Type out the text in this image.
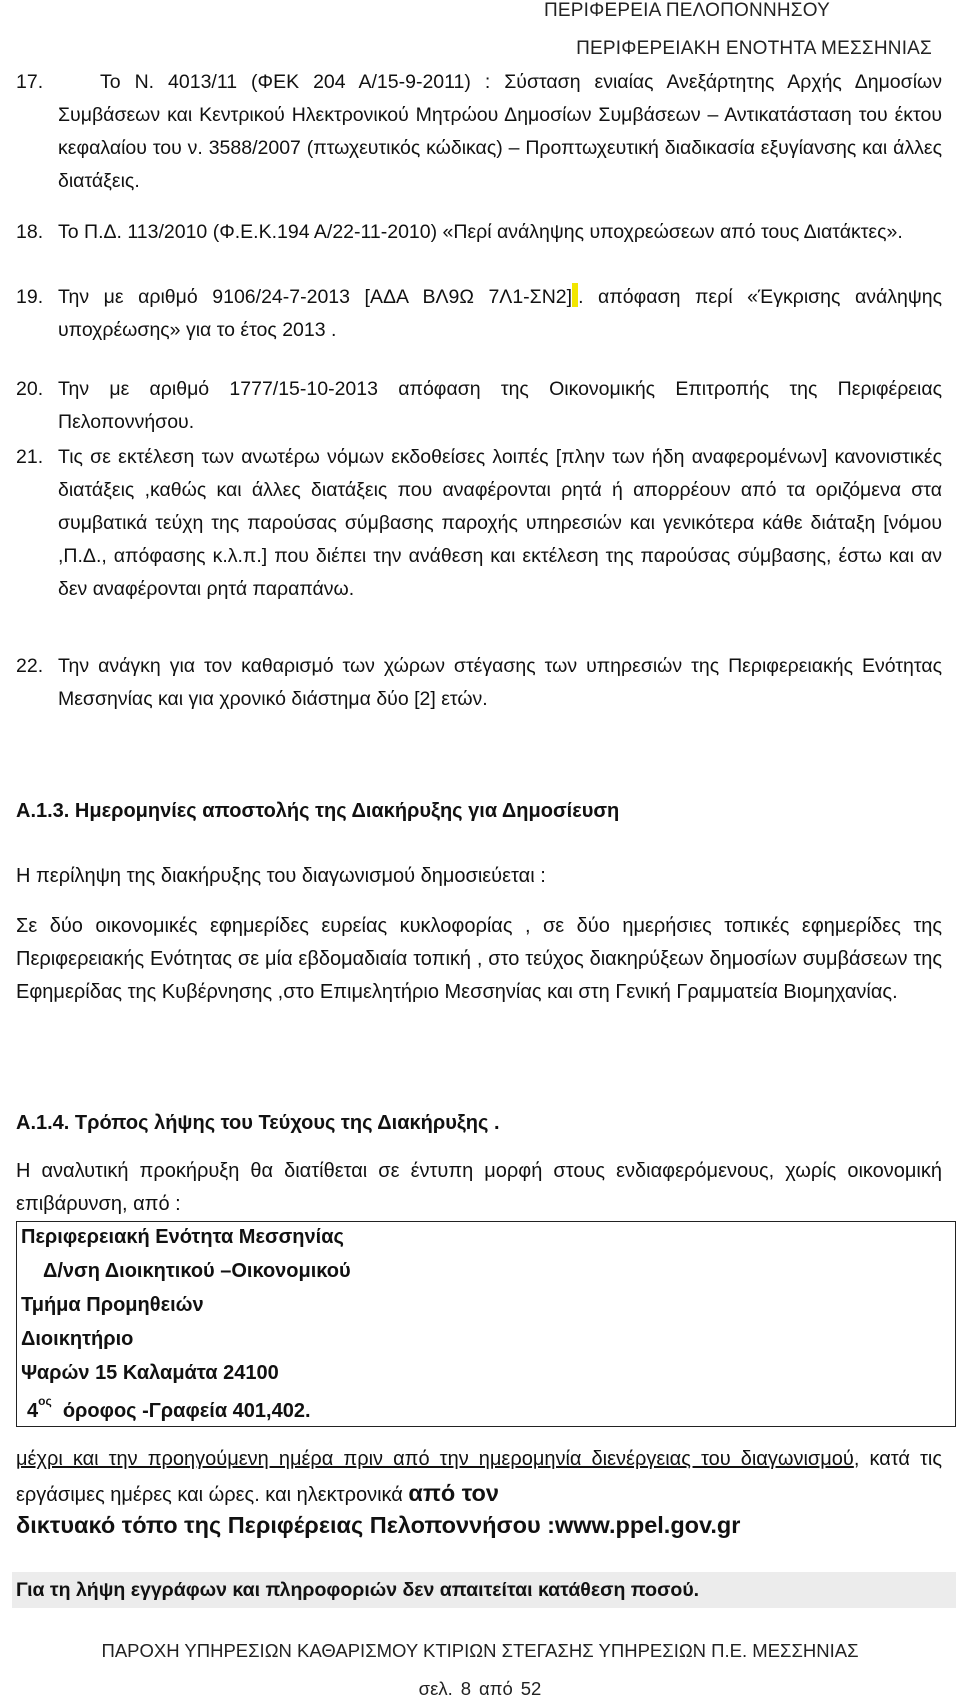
ΠΕΡΙΦΕΡΕΙΑ ΠΕΛΟΠΟΝΝΗΣΟΥ
ΠΕΡΙΦΕΡΕΙΑΚΗ ΕΝΟΤΗΤΑ ΜΕΣΣΗΝΙΑΣ
17.	Το Ν. 4013/11 (ΦΕΚ 204 Α/15-9-2011) : Σύσταση ενιαίας Ανεξάρτητης Αρχής Δημοσίων Συμβάσεων και Κεντρικού Ηλεκτρονικού Μητρώου Δημοσίων Συμβάσεων – Αντικατάσταση του έκτου κεφαλαίου του ν. 3588/2007 (πτωχευτικός κώδικας) – Προπτωχευτική διαδικασία εξυγίανσης και άλλες διατάξεις.
18. Το Π.Δ. 113/2010 (Φ.Ε.Κ.194 Α/22-11-2010) «Περί ανάληψης υποχρεώσεων από τους Διατάκτες».
19. Την με αριθμό 9106/24-7-2013 [ΑΔΑ ΒΛ9Ω 7Λ1-ΣΝ2] . απόφαση περί «Έγκρισης ανάληψης υποχρέωσης» για το έτος 2013 .
20. Την με αριθμό 1777/15-10-2013 απόφαση της Οικονομικής Επιτροπής της Περιφέρειας Πελοποννήσου.
21. Τις σε εκτέλεση των ανωτέρω νόμων εκδοθείσες λοιπές [πλην των ήδη αναφερομένων] κανονιστικές διατάξεις ,καθώς και άλλες διατάξεις που αναφέρονται ρητά ή απορρέουν από τα οριζόμενα στα συμβατικά τεύχη της παρούσας σύμβασης παροχής υπηρεσιών και γενικότερα κάθε διάταξη [νόμου ,Π.Δ., απόφασης κ.λ.π.] που διέπει την ανάθεση και εκτέλεση της παρούσας σύμβασης, έστω και αν δεν αναφέρονται ρητά παραπάνω.
22. Την ανάγκη για τον καθαρισμό των χώρων στέγασης των υπηρεσιών της Περιφερειακής Ενότητας Μεσσηνίας και για χρονικό διάστημα δύο [2] ετών.
Α.1.3. Ημερομηνίες αποστολής της Διακήρυξης για Δημοσίευση
Η περίληψη της διακήρυξης του διαγωνισμού δημοσιεύεται :
Σε δύο οικονομικές εφημερίδες ευρείας κυκλοφορίας , σε δύο ημερήσιες τοπικές εφημερίδες της Περιφερειακής Ενότητας σε μία εβδομαδιαία τοπική , στο τεύχος διακηρύξεων δημοσίων συμβάσεων της Εφημερίδας της Κυβέρνησης ,στο Επιμελητήριο Μεσσηνίας και στη Γενική Γραμματεία Βιομηχανίας.
Α.1.4. Τρόπος λήψης του Τεύχους της Διακήρυξης .
Η αναλυτική προκήρυξη θα διατίθεται σε έντυπη μορφή στους ενδιαφερόμενους, χωρίς οικονομική επιβάρυνση, από :
Περιφερειακή Ενότητα Μεσσηνίας
Δ/νση Διοικητικού –Οικονομικού
Τμήμα Προμηθειών
Διοικητήριο
Ψαρών 15 Καλαμάτα 24100
$4^{o\varsigma}$ όροφος -Γραφεία 401,402.
μέχρι και την προηγούμενη ημέρα πριν από την ημερομηνία διενέργειας του διαγωνισμού, κατά τις εργάσιμες ημέρες και ώρες. και ηλεκτρονικά από τον
δικτυακό τόπο της Περιφέρειας Πελοποννήσου :www.ppel.gov.gr
Για τη λήψη εγγράφων και πληροφοριών δεν απαιτείται κατάθεση ποσού.
ΠΑΡΟΧΗ ΥΠΗΡΕΣΙΩΝ ΚΑΘΑΡΙΣΜΟΥ ΚΤΙΡΙΩΝ ΣΤΕΓΑΣΗΣ ΥΠΗΡΕΣΙΩΝ Π.Ε. ΜΕΣΣΗΝΙΑΣ
σελ. 8 από 52
